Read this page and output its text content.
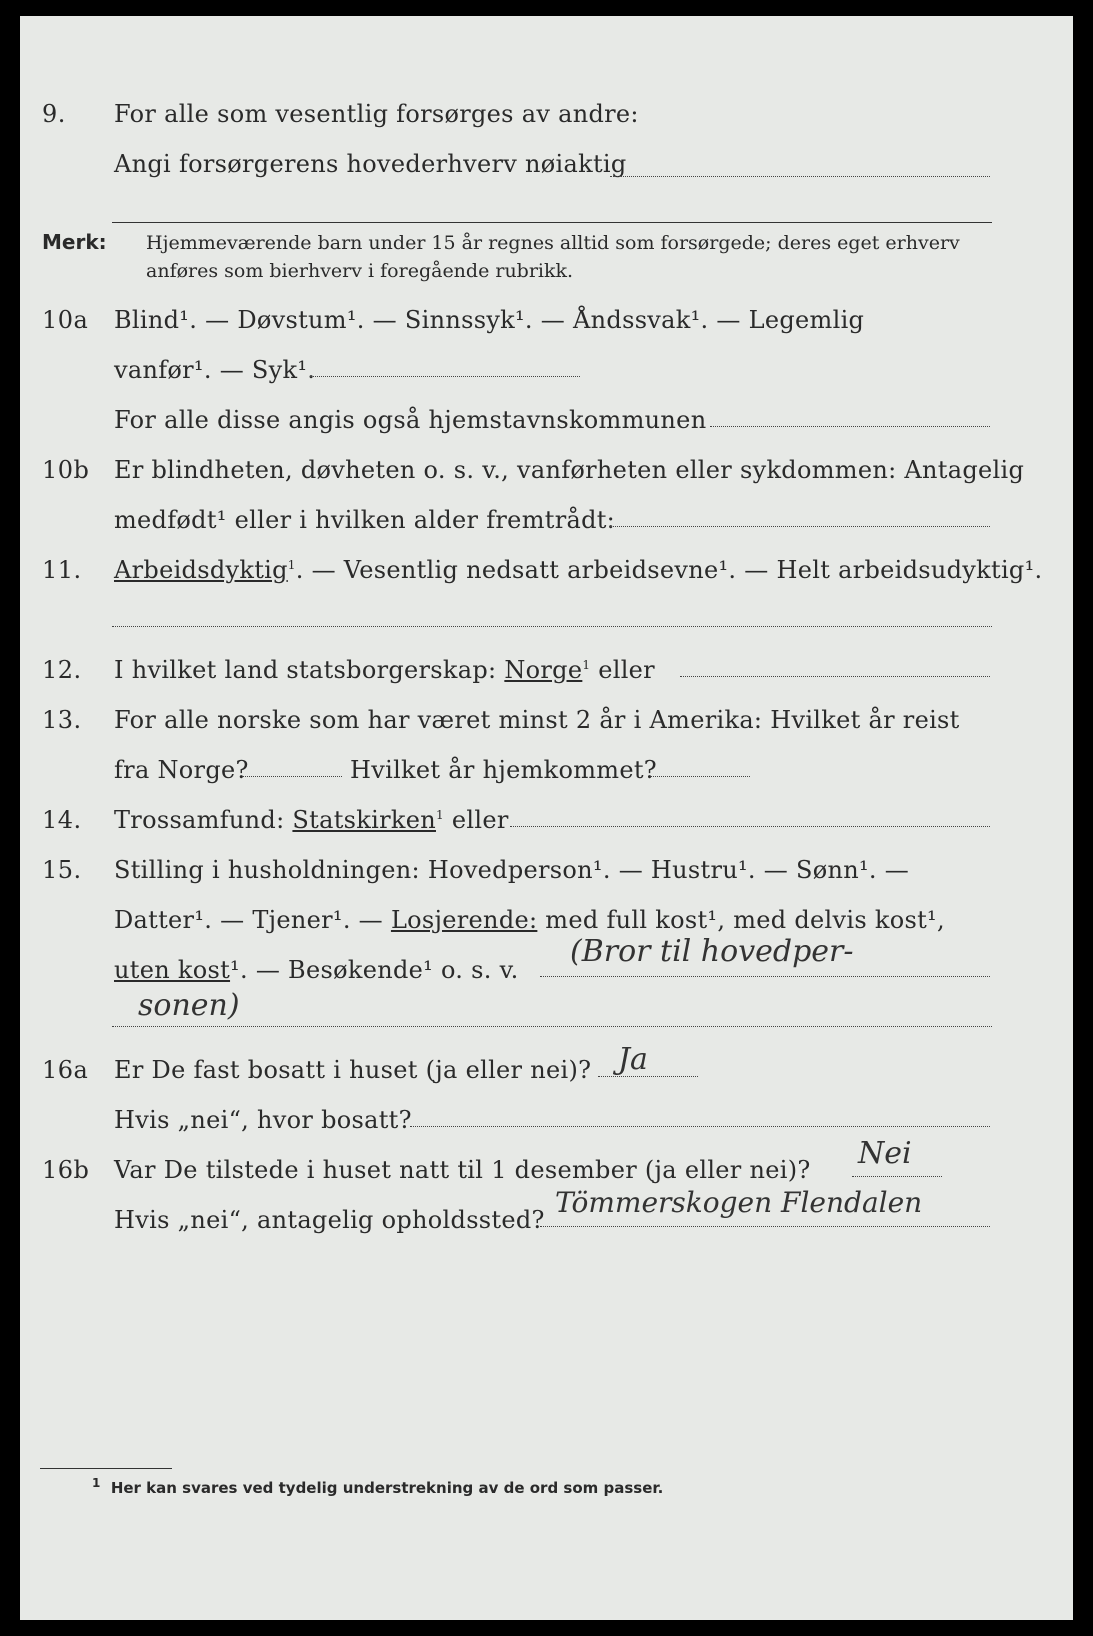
9. For alle som vesentlig forsørges av andre:
Angi forsørgerens hovederhverv nøiaktig
Merk: Hjemmeværende barn under 15 år regnes alltid som forsørgede; deres eget erhverv
anføres som bierhverv i foregående rubrikk.
10a Blind¹. — Døvstum¹. — Sinnssyk¹. — Åndssvak¹. — Legemlig
vanfør¹. — Syk¹.
For alle disse angis også hjemstavnskommunen
10b Er blindheten, døvheten o. s. v., vanførheten eller sykdommen: Antagelig
medfødt¹ eller i hvilken alder fremtrådt:
11. Arbeidsdyktig$^1$. — Vesentlig nedsatt arbeidsevne¹. — Helt arbeidsudyktig¹.
12. I hvilket land statsborgerskap: Norge$^1$ eller
13. For alle norske som har været minst 2 år i Amerika: Hvilket år reist
fra Norge?	Hvilket år hjemkommet?
14. Trossamfund: Statskirken$^1$ eller
15. Stilling i husholdningen: Hovedperson¹. — Hustru¹. — Sønn¹. —
Datter¹. — Tjener¹. — Losjerende: med full kost¹, med delvis kost¹,
uten kost¹. — Besøkende¹ o. s. v.
(Bror til hovedper-
sonen)
16a Er De fast bosatt i huset (ja eller nei)? Ja
Hvis „nei“, hvor bosatt?
16b Var De tilstede i huset natt til 1 desember (ja eller nei)? Nei
Hvis „nei“, antagelig opholdssted?
Tömmerskogen Flendalen
$^1$ Her kan svares ved tydelig understrekning av de ord som passer.
